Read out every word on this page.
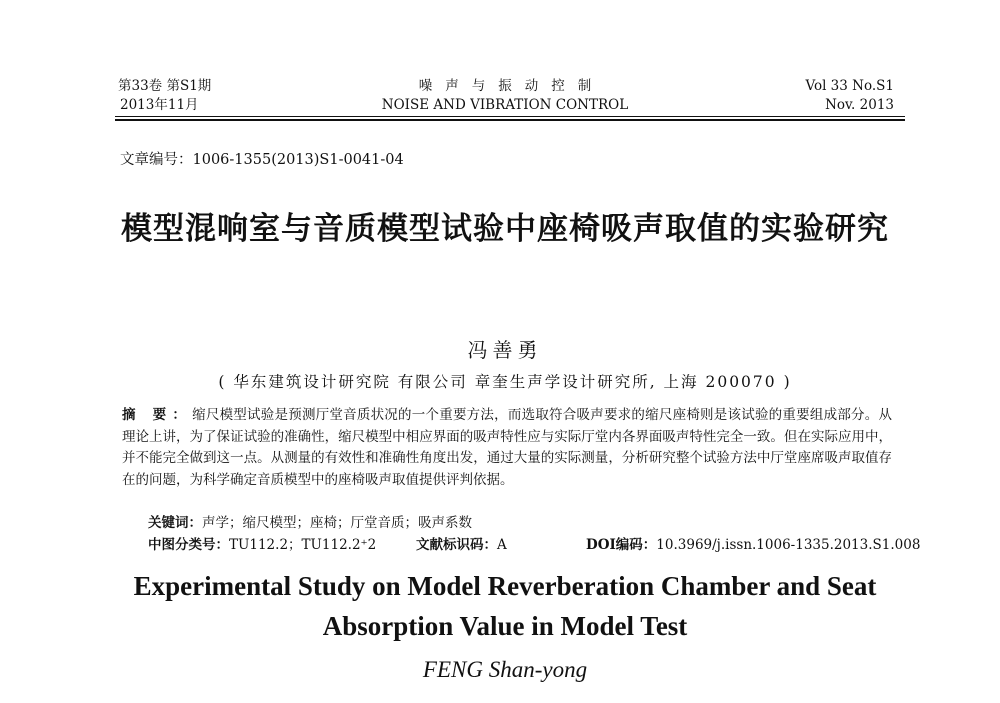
第33卷 第S1期
2013年11月
噪声与振动控制
NOISE AND VIBRATION CONTROL
Vol 33 No.S1
Nov. 2013
文章编号：1006-1355(2013)S1-0041-04
模型混响室与音质模型试验中座椅吸声取值的实验研究
冯善勇
( 华东建筑设计研究院 有限公司 章奎生声学设计研究所, 上海 200070 )
摘 要：缩尺模型试验是预测厅堂音质状况的一个重要方法，而选取符合吸声要求的缩尺座椅则是该试验的重要组成部分。从理论上讲，为了保证试验的准确性，缩尺模型中相应界面的吸声特性应与实际厅堂内各界面吸声特性完全一致。但在实际应用中，并不能完全做到这一点。从测量的有效性和准确性角度出发，通过大量的实际测量，分析研究整个试验方法中厅堂座席吸声取值存在的问题，为科学确定音质模型中的座椅吸声取值提供评判依据。
关键词：声学；缩尺模型；座椅；厅堂音质；吸声系数
中图分类号：TU112.2；TU112.2⁺2	文献标识码：A	DOI编码：10.3969/j.issn.1006-1335.2013.S1.008
Experimental Study on Model Reverberation Chamber and Seat Absorption Value in Model Test
FENG Shan-yong
